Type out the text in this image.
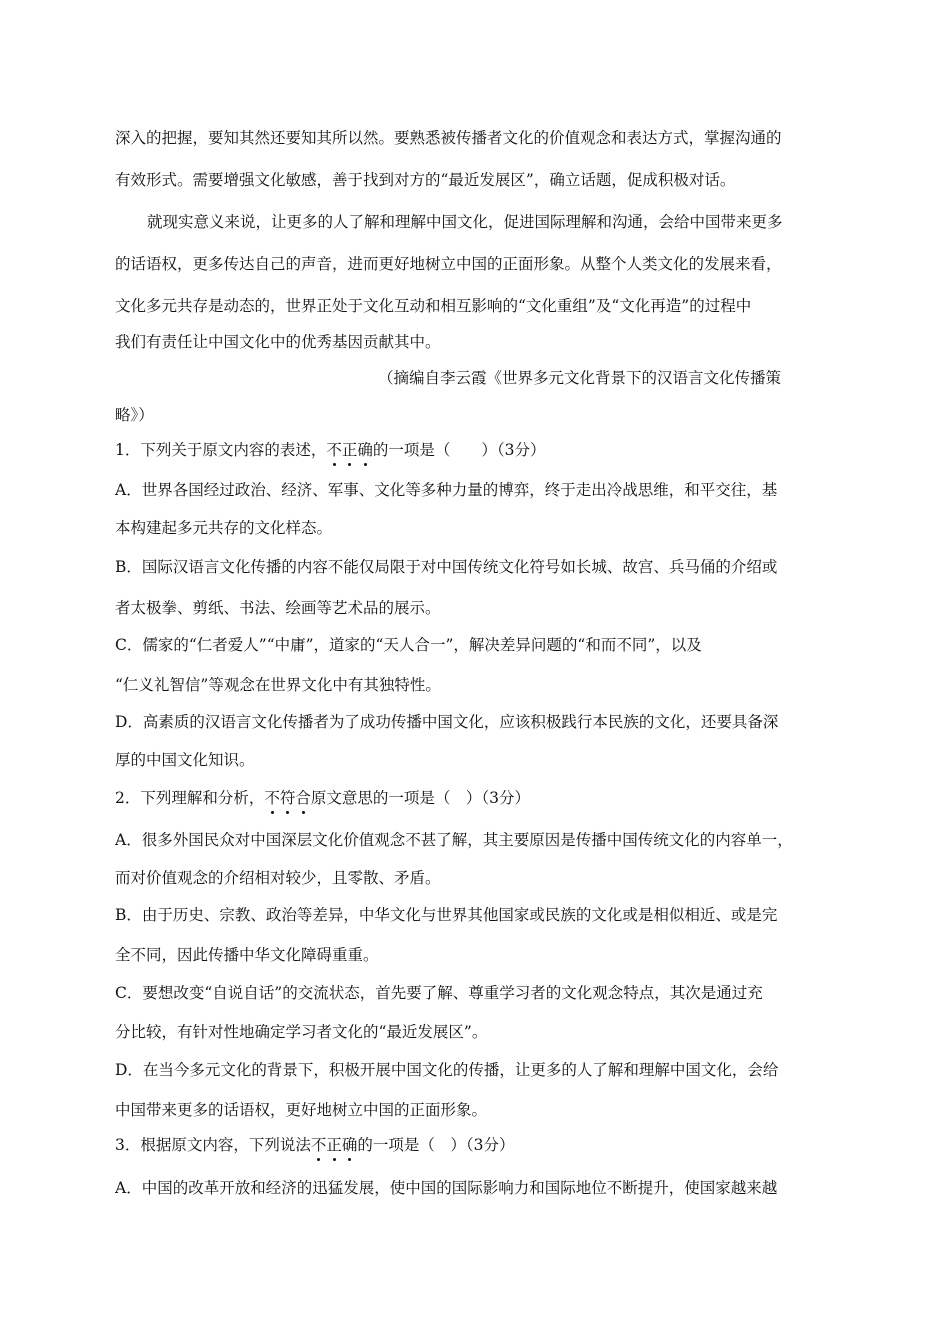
深入的把握，要知其然还要知其所以然。要熟悉被传播者文化的价值观念和表达方式，掌握沟通的
有效形式。需要增强文化敏感，善于找到对方的“最近发展区”，确立话题，促成积极对话。
就现实意义来说，让更多的人了解和理解中国文化，促进国际理解和沟通，会给中国带来更多
的话语权，更多传达自己的声音，进而更好地树立中国的正面形象。从整个人类文化的发展来看，
文化多元共存是动态的，世界正处于文化互动和相互影响的“文化重组”及“文化再造”的过程中
我们有责任让中国文化中的优秀基因贡献其中。
（摘编自李云霞《世界多元文化背景下的汉语言文化传播策
略》）
1．下列关于原文内容的表述，不正确的一项是（　　）（3分）
A．世界各国经过政治、经济、军事、文化等多种力量的博弈，终于走出冷战思维，和平交往，基
本构建起多元共存的文化样态。
B．国际汉语言文化传播的内容不能仅局限于对中国传统文化符号如长城、故宫、兵马俑的介绍或
者太极拳、剪纸、书法、绘画等艺术品的展示。
C．儒家的“仁者爱人”“中庸”，道家的“天人合一”，解决差异问题的“和而不同”，以及
“仁义礼智信”等观念在世界文化中有其独特性。
D．高素质的汉语言文化传播者为了成功传播中国文化，应该积极践行本民族的文化，还要具备深
厚的中国文化知识。
2．下列理解和分析，不符合原文意思的一项是（　）（3分）
A．很多外国民众对中国深层文化价值观念不甚了解，其主要原因是传播中国传统文化的内容单一，
而对价值观念的介绍相对较少，且零散、矛盾。
B．由于历史、宗教、政治等差异，中华文化与世界其他国家或民族的文化或是相似相近、或是完
全不同，因此传播中华文化障碍重重。
C．要想改变“自说自话”的交流状态，首先要了解、尊重学习者的文化观念特点，其次是通过充
分比较，有针对性地确定学习者文化的“最近发展区”。
D．在当今多元文化的背景下，积极开展中国文化的传播，让更多的人了解和理解中国文化，会给
中国带来更多的话语权，更好地树立中国的正面形象。
3．根据原文内容，下列说法不正确的一项是（　）（3分）
A．中国的改革开放和经济的迅猛发展，使中国的国际影响力和国际地位不断提升，使国家越来越
